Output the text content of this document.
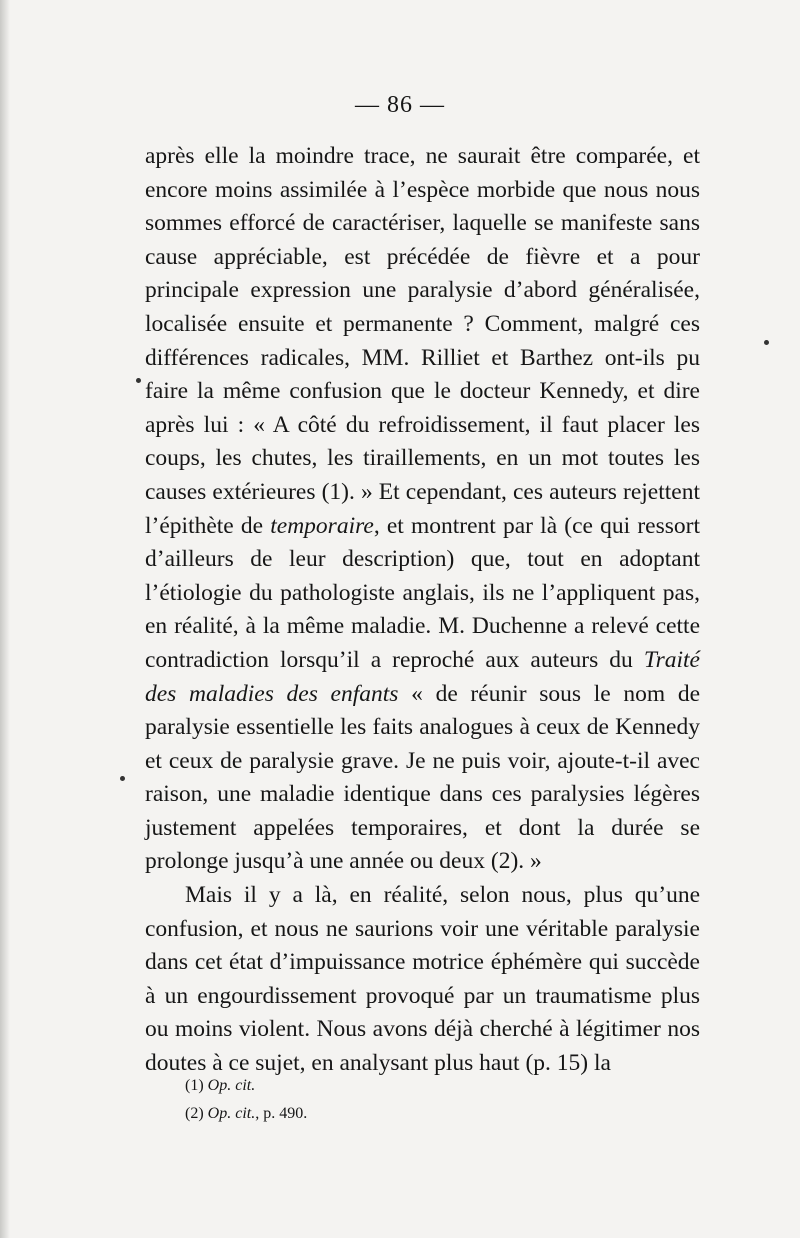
— 86 —

après elle la moindre trace, ne saurait être comparée, et encore moins assimilée à l’espèce morbide que nous nous sommes efforcé de caractériser, laquelle se manifeste sans cause appréciable, est précédée de fièvre et a pour principale expression une paralysie d’abord généralisée, localisée ensuite et permanente ? Comment, malgré ces différences radicales, MM. Rilliet et Barthez ont-ils pu faire la même confusion que le docteur Kennedy, et dire après lui : « A côté du refroidissement, il faut placer les coups, les chutes, les tiraillements, en un mot toutes les causes extérieures (1). » Et cependant, ces auteurs rejettent l’épithète de temporaire, et montrent par là (ce qui ressort d’ailleurs de leur description) que, tout en adoptant l’étiologie du pathologiste anglais, ils ne l’appliquent pas, en réalité, à la même maladie. M. Duchenne a relevé cette contradiction lorsqu’il a reproché aux auteurs du Traité des maladies des enfants « de réunir sous le nom de paralysie essentielle les faits analogues à ceux de Kennedy et ceux de paralysie grave. Je ne puis voir, ajoute-t-il avec raison, une maladie identique dans ces paralysies légères justement appelées temporaires, et dont la durée se prolonge jusqu’à une année ou deux (2). »

Mais il y a là, en réalité, selon nous, plus qu’une confusion, et nous ne saurions voir une véritable paralysie dans cet état d’impuissance motrice éphémère qui succède à un engourdissement provoqué par un traumatisme plus ou moins violent. Nous avons déjà cherché à légitimer nos doutes à ce sujet, en analysant plus haut (p. 15) la

(1) Op. cit.
(2) Op. cit., p. 490.
